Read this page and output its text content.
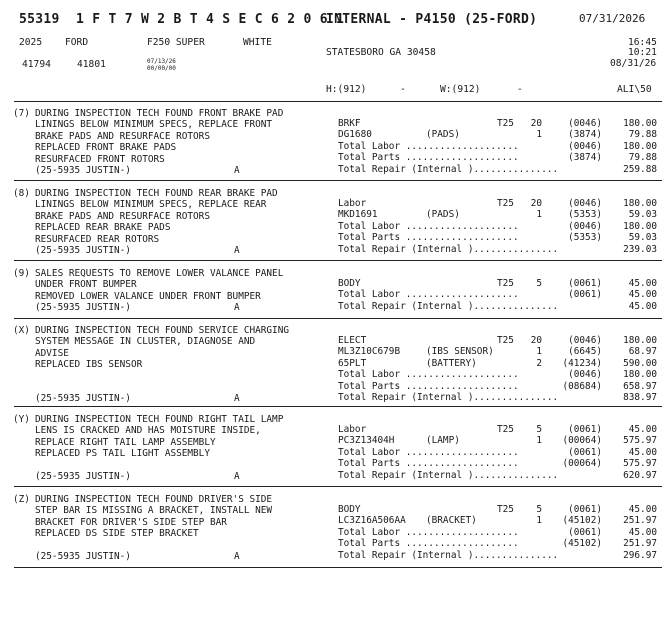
55319 1 F T 7 W 2 B T 4 S E C 6 2 0 6 1
INTERNAL - P4150 (25-FORD)	07/31/2026
2025 FORD	F250 SUPER	WHITE
STATESBORO GA 30458
16:45
10:21
08/31/26
41794	41801	07/13/26
00/00/00
H:(912)	-	W:(912)	-	ALI\50
(7) DURING INSPECTION TECH FOUND FRONT BRAKE PAD
LININGS BELOW MINIMUM SPECS, REPLACE FRONT
BRAKE PADS AND RESURFACE ROTORS
REPLACED FRONT BRAKE PADS
RESURFACED FRONT ROTORS
(25-5935 JUSTIN-)	A
BRKF	T25	20	(0046)	180.00
DG1680	(PADS)	1	(3874)	79.88
Total Labor ....................	(0046)	180.00
Total Parts ....................	(3874)	79.88
Total Repair (Internal )...............	259.88
(8) DURING INSPECTION TECH FOUND REAR BRAKE PAD
LININGS BELOW MINIMUM SPECS, REPLACE REAR
BRAKE PADS AND RESURFACE ROTORS
REPLACED REAR BRAKE PADS
RESURFACED REAR ROTORS
(25-5935 JUSTIN-)	A
Labor	T25	20	(0046)	180.00
MKD1691	(PADS)	1	(5353)	59.03
Total Labor ....................	(0046)	180.00
Total Parts ....................	(5353)	59.03
Total Repair (Internal )...............	239.03
(9) SALES REQUESTS TO REMOVE LOWER VALANCE PANEL
UNDER FRONT BUMPER
REMOVED LOWER VALANCE UNDER FRONT BUMPER
(25-5935 JUSTIN-)	A
BODY	T25	5	(0061)	45.00
Total Labor ....................	(0061)	45.00
Total Repair (Internal )...............	45.00
(X) DURING INSPECTION TECH FOUND SERVICE CHARGING
SYSTEM MESSAGE IN CLUSTER, DIAGNOSE AND
ADVISE
REPLACED IBS SENSOR
(25-5935 JUSTIN-)	A
ELECT	T25	20	(0046)	180.00
ML3Z10C679B	(IBS SENSOR)	1	(6645)	68.97
65PLT	(BATTERY)	2	(41234)	590.00
Total Labor ....................	(0046)	180.00
Total Parts ....................	(08684)	658.97
Total Repair (Internal )...............	838.97
(Y) DURING INSPECTION TECH FOUND RIGHT TAIL LAMP
LENS IS CRACKED AND HAS MOISTURE INSIDE,
REPLACE RIGHT TAIL LAMP ASSEMBLY
REPLACED PS TAIL LIGHT ASSEMBLY
(25-5935 JUSTIN-)	A
Labor	T25	5	(0061)	45.00
PC3Z13404H	(LAMP)	1	(00064)	575.97
Total Labor ....................	(0061)	45.00
Total Parts ....................	(00064)	575.97
Total Repair (Internal )...............	620.97
(Z) DURING INSPECTION TECH FOUND DRIVER'S SIDE
STEP BAR IS MISSING A BRACKET, INSTALL NEW
BRACKET FOR DRIVER'S SIDE STEP BAR
REPLACED DS SIDE STEP BRACKET
(25-5935 JUSTIN-)	A
BODY	T25	5	(0061)	45.00
LC3Z16A506AA (BRACKET)	1	(45102)	251.97
Total Labor ....................	(0061)	45.00
Total Parts ....................	(45102)	251.97
Total Repair (Internal )...............	296.97
